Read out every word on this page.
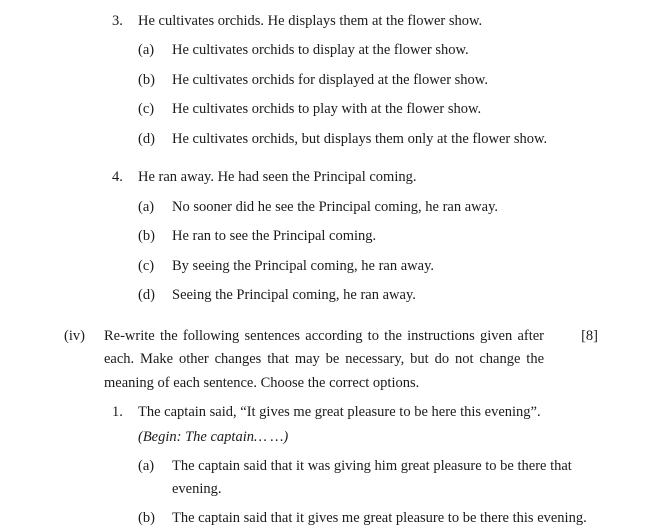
3.	He cultivates orchids. He displays them at the flower show.
(a)	He cultivates orchids to display at the flower show.
(b)	He cultivates orchids for displayed at the flower show.
(c)	He cultivates orchids to play with at the flower show.
(d)	He cultivates orchids, but displays them only at the flower show.
4.	He ran away. He had seen the Principal coming.
(a)	No sooner did he see the Principal coming, he ran away.
(b)	He ran to see the Principal coming.
(c)	By seeing the Principal coming, he ran away.
(d)	Seeing the Principal coming, he ran away.
(iv)	Re-write the following sentences according to the instructions given after each. Make other changes that may be necessary, but do not change the meaning of each sentence. Choose the correct options.
[8]
1.	The captain said, “It gives me great pleasure to be here this evening”.
(Begin: The captain… …)
(a)	The captain said that it was giving him great pleasure to be there that evening.
(b)	The captain said that it gives me great pleasure to be there this evening.
